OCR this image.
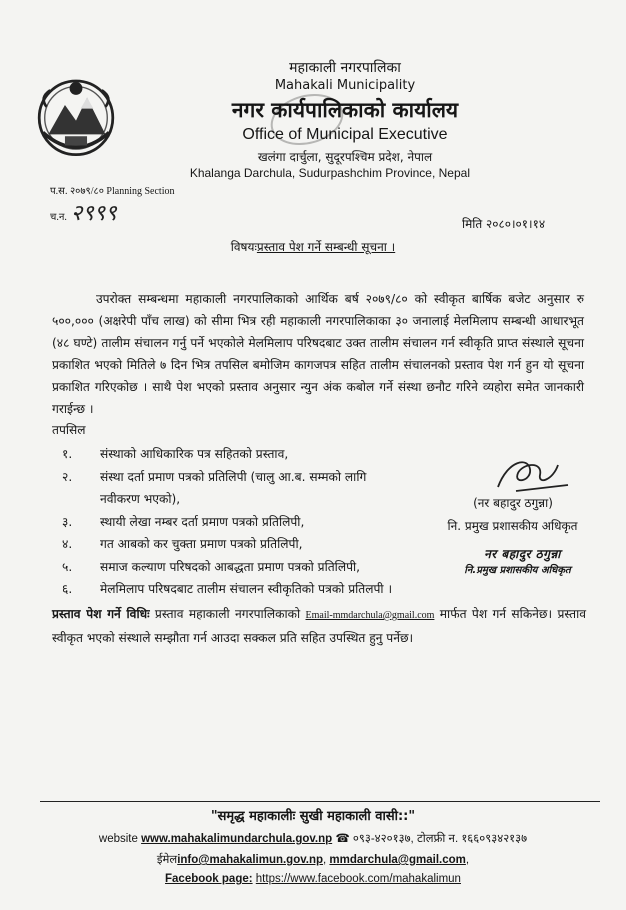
महाकाली नगरपालिका
Mahakali Municipality
नगर कार्यपालिकाको कार्यालय
Office of Municipal Executive
खलंगा दार्चुला, सुदूरपश्चिम प्रदेश, नेपाल
Khalanga Darchula, Sudurpashchim Province, Nepal
प.स. २०७९/८० Planning Section
च.न. २९९९	मिति २०८०।०१।१४
विषयःप्रस्ताव पेश गर्ने सम्बन्धी सूचना ।
उपरोक्त सम्बन्धमा महाकाली नगरपालिकाको आर्थिक बर्ष २०७९/८० को स्वीकृत बार्षिक बजेट अनुसार रु ५००,००० (अक्षरेपी पाँच लाख) को सीमा भित्र रही महाकाली नगरपालिकाका ३० जनालाई मेलमिलाप सम्बन्धी आधारभूत (४८ घण्टे) तालीम संचालन गर्नु पर्ने भएकोले मेलमिलाप परिषदबाट उक्त तालीम संचालन गर्न स्वीकृति प्राप्त संस्थाले सूचना प्रकाशित भएको मितिले ७ दिन भित्र तपसिल बमोजिम कागजपत्र सहित तालीम संचालनको प्रस्ताव पेश गर्न हुन यो सूचना प्रकाशित गरिएकोछ । साथै पेश भएको प्रस्ताव अनुसार न्युन अंक कबोल गर्ने संस्था छनौट गरिने व्यहोरा समेत जानकारी गराईन्छ ।
तपसिल
१.	संस्थाको आधिकारिक पत्र सहितको प्रस्ताव,
२.	संस्था दर्ता प्रमाण पत्रको प्रतिलिपी (चालु आ.ब. सम्मको लागि नवीकरण भएको),
३.	स्थायी लेखा नम्बर दर्ता प्रमाण पत्रको प्रतिलिपी,
४.	गत आबको कर चुक्ता प्रमाण पत्रको प्रतिलिपी,
५.	समाज कल्याण परिषदको आबद्धता प्रमाण पत्रको प्रतिलिपी,
६.	मेलमिलाप परिषदबाट तालीम संचालन स्वीकृतिको पत्रको प्रतिलपी ।
(नर बहादुर ठगुन्ना)
नि. प्रमुख प्रशासकीय अधिकृत
नर बहादुर ठगुन्ना
नि.प्रमुख प्रशासकीय अधिकृत
प्रस्ताव पेश गर्ने विधिः प्रस्ताव महाकाली नगरपालिकाको Email-mmdarchula@gmail.com मार्फत पेश गर्न सकिनेछ। प्रस्ताव स्वीकृत भएको संस्थाले सम्झौता गर्न आउदा सक्कल प्रति सहित उपस्थित हुनु पर्नेछ।
"समृद्ध महाकालीः सुखी महाकाली वासी::"
website www.mahakalimundarchula.gov.np ☎ ०९३-४२०१३७, टोलफ्री न. १६६०९३४२१३७
ईमेलinfo@mahakalimun.gov.np, mmdarchula@gmail.com,
Facebook page: https://www.facebook.com/mahakalimun
